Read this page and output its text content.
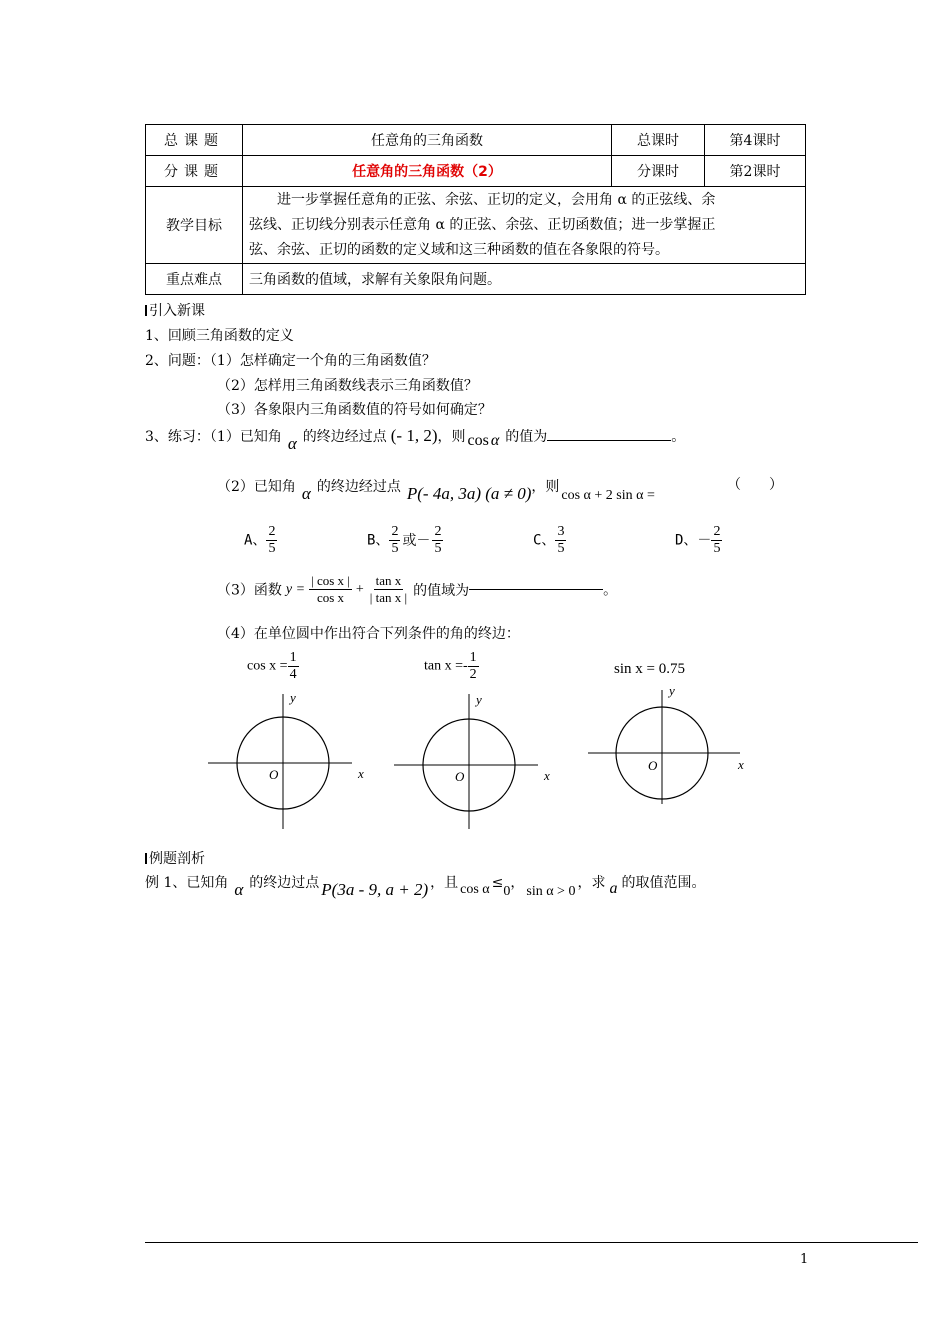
总课题	任意角的三角函数	总课时	第4课时
分课题	任意角的三角函数（2）	分课时	第2课时
教学目标	进一步掌握任意角的正弦、余弦、正切的定义，会用角 α 的正弦线、余
弦线、正切线分别表示任意角 α 的正弦、余弦、正切函数值；进一步掌握正
弦、余弦、正切的函数的定义域和这三种函数的值在各象限的符号。		

重点难点	三角函数的值域，求解有关象限角问题。		
引入新课
1、回顾三角函数的定义
2、问题：（1）怎样确定一个角的三角函数值？
（2）怎样用三角函数线表示三角函数值？
（3）各象限内三角函数值的符号如何确定？
3、练习：（1）已知角 α 的终边经过点 (- 1, 2)，则 cos α 的值为	。
（2）已知角 α 的终边经过点 P(- 4a, 3a) (a ≠ 0)，则cos α + 2 sin α =
（　　）
A、 $\frac{2}{5}$	B、 $\frac{2}{5}$ 或－ $\frac{2}{5}$	C、 $\frac{3}{5}$	D、－ $\frac{2}{5}$
（3）函数 $y = \frac{\text{| cos x |}}{\text{cos x}} + \frac{\text{tan x}}{\text{| tan x |}}$ 的值域为	。
（4）在单位圆中作出符合下列条件的角的终边：
$\cos x = \frac{1}{4}$	$\tan x =- \frac{1}{2}$	sin x = 0.75
y
x
O
y
x
O
y
x
O
例题剖析
例 1、已知角 α 的终边过点 P(3a - 9, a + 2) ，且 cos α ≤0，sin α > 0，求 a 的取值范围。
1
